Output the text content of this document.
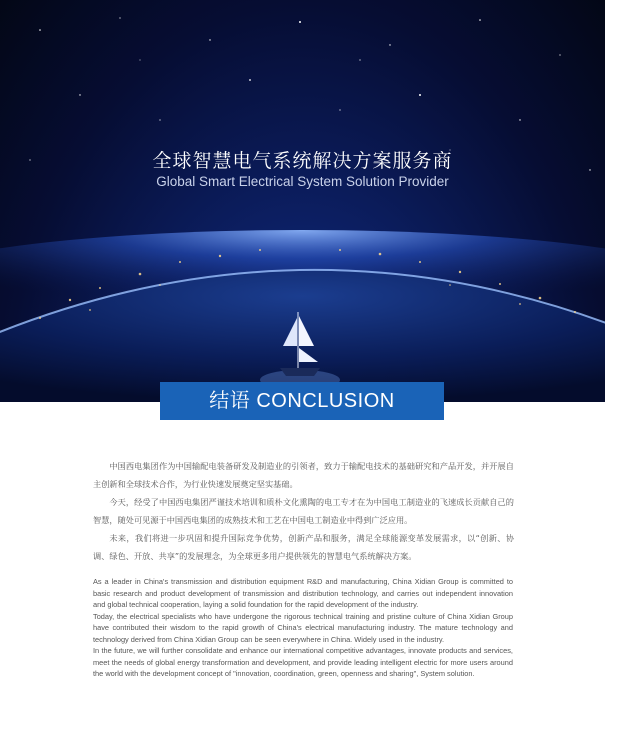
全球智慧电气系统解决方案服务商
Global Smart Electrical System Solution Provider
结语 CONCLUSION

中国西电集团作为中国输配电装备研发及制造业的引领者，致力于输配电技术的基础研究和产品开发，并开展自主创新和全球技术合作，为行业快速发展奠定坚实基础。

今天，经受了中国西电集团严谨技术培训和质朴文化熏陶的电工专才在为中国电工制造业的飞速成长贡献自己的智慧，随处可见源于中国西电集团的成熟技术和工艺在中国电工制造业中得到广泛应用。

未来，我们将进一步巩固和提升国际竞争优势，创新产品和服务，满足全球能源变革发展需求，以“创新、协调、绿色、开放、共享”的发展理念，为全球更多用户提供领先的智慧电气系统解决方案。

As a leader in China's transmission and distribution equipment R&D and manufacturing, China Xidian Group is committed to basic research and product development of transmission and distribution technology, and carries out independent innovation and global technical cooperation, laying a solid foundation for the rapid development of the industry.

Today, the electrical specialists who have undergone the rigorous technical training and pristine culture of China Xidian Group have contributed their wisdom to the rapid growth of China's electrical manufacturing industry. The mature technology and technology derived from China Xidian Group can be seen everywhere in China. Widely used in the industry.

In the future, we will further consolidate and enhance our international competitive advantages, innovate products and services, meet the needs of global energy transformation and development, and provide leading intelligent electric for more users around the world with the development concept of "innovation, coordination, green, openness and sharing", System solution.
